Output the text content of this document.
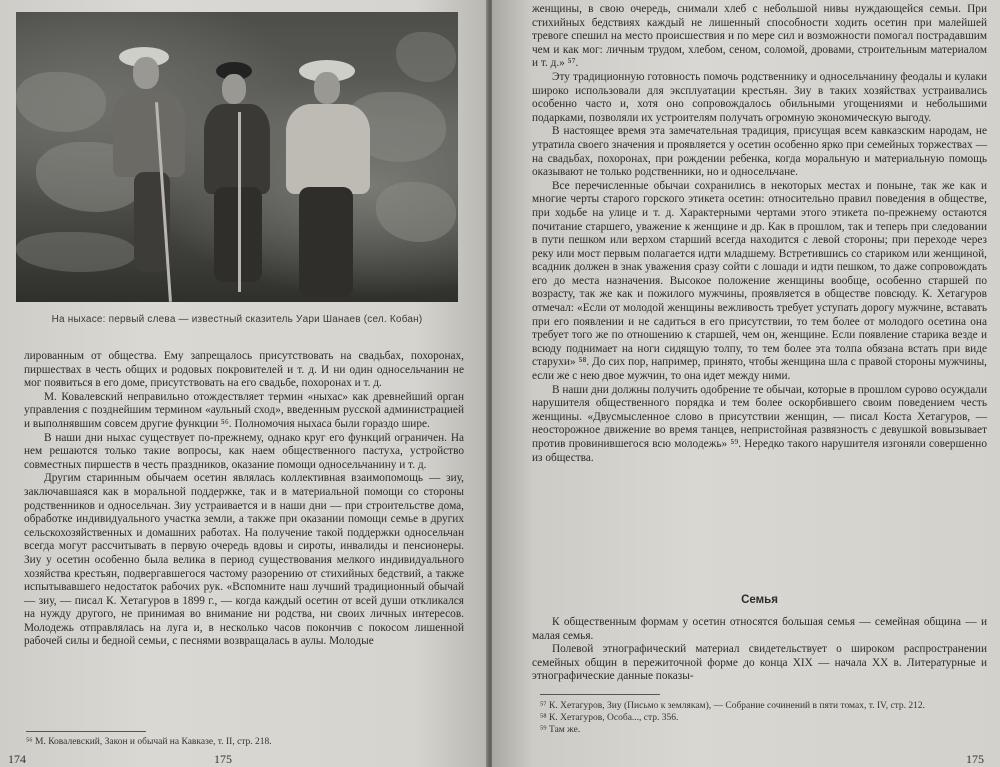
На ныхасе: первый слева — известный сказитель Уари Шанаев (сел. Кобан)

лированным от общества. Ему запрещалось присутствовать на свадьбах, похоронах, пиршествах в честь общих и родовых покровителей и т. д. И ни один односельчанин не мог появиться в его доме, присутствовать на его свадьбе, похоронах и т. д.

М. Ковалевский неправильно отождествляет термин «ныхас» как древнейший орган управления с позднейшим термином «аульный сход», введенным русской администрацией и выполнявшим совсем другие функции ⁵⁶. Полномочия ныхаса были гораздо шире.

В наши дни ныхас существует по-прежнему, однако круг его функций ограничен. На нем решаются только такие вопросы, как наем общественного пастуха, устройство совместных пиршеств в честь праздников, оказание помощи односельчанину и т. д.

Другим старинным обычаем осетин являлась коллективная взаимопомощь — зиу, заключавшаяся как в моральной поддержке, так и в материальной помощи со стороны родственников и односельчан. Зиу устраивается и в наши дни — при строительстве дома, обработке индивидуального участка земли, а также при оказании помощи семье в других сельскохозяйственных и домашних работах. На получение такой поддержки односельчан всегда могут рассчитывать в первую очередь вдовы и сироты, инвалиды и пенсионеры. Зиу у осетин особенно была велика в период существования мелкого индивидуального хозяйства крестьян, подвергавшегося частому разорению от стихийных бедствий, а также испытывавшего недостаток рабочих рук. «Вспомните наш лучший традиционный обычай — зиу, — писал К. Хетагуров в 1899 г., — когда каждый осетин от всей души откликался на нужду другого, не принимая во внимание ни родства, ни своих личных интересов. Молодежь отправлялась на луга и, в несколько часов покончив с покосом лишенной рабочей силы и бедной семьи, с песнями возвращалась в аулы. Молодые

⁵⁶ М. Ковалевский, Закон и обычай на Кавказе, т. II, стр. 218.
174	175

женщины, в свою очередь, снимали хлеб с небольшой нивы нуждающейся семьи. При стихийных бедствиях каждый не лишенный способности ходить осетин при малейшей тревоге спешил на место происшествия и по мере сил и возможности помогал пострадавшим чем и как мог: личным трудом, хлебом, сеном, соломой, дровами, строительным материалом и т. д.» ⁵⁷.

Эту традиционную готовность помочь родственнику и односельчанину феодалы и кулаки широко использовали для эксплуатации крестьян. Зиу в таких хозяйствах устраивались особенно часто и, хотя оно сопровождалось обильными угощениями и небольшими подарками, позволяли их устроителям получать огромную экономическую выгоду.

В настоящее время эта замечательная традиция, присущая всем кавказским народам, не утратила своего значения и проявляется у осетин особенно ярко при семейных торжествах — на свадьбах, похоронах, при рождении ребенка, когда моральную и материальную помощь оказывают не только родственники, но и односельчане.

Все перечисленные обычаи сохранились в некоторых местах и поныне, так же как и многие черты старого горского этикета осетин: относительно правил поведения в обществе, при ходьбе на улице и т. д. Характерными чертами этого этикета по-прежнему остаются почитание старшего, уважение к женщине и др. Как в прошлом, так и теперь при следовании в пути пешком или верхом старший всегда находится с левой стороны; при переходе через реку или мост первым полагается идти младшему. Встретившись со стариком или женщиной, всадник должен в знак уважения сразу сойти с лошади и идти пешком, то даже сопровождать его до места назначения. Высокое положение женщины вообще, особенно старшей по возрасту, так же как и пожилого мужчины, проявляется в обществе повсюду. К. Хетагуров отмечал: «Если от молодой женщины вежливость требует уступать дорогу мужчине, вставать при его появлении и не садиться в его присутствии, то тем более от молодого осетина она требует того же по отношению к старшей, чем он, женщине. Если появление старика везде и всюду поднимает на ноги сидящую толпу, то тем более эта толпа обязана встать при виде старухи» ⁵⁸. До сих пор, например, принято, чтобы женщина шла с правой стороны мужчины, если же с нею двое мужчин, то она идет между ними.

В наши дни должны получить одобрение те обычаи, которые в прошлом сурово осуждали нарушителя общественного порядка и тем более оскорбившего своим поведением честь женщины. «Двусмысленное слово в присутствии женщин, — писал Коста Хетагуров, — неосторожное движение во время танцев, непристойная развязность с девушкой вовызывает против провинившегося всю молодежь» ⁵⁹. Нередко такого нарушителя изгоняли совершенно из общества.

Семья

К общественным формам у осетин относятся большая семья — семейная община — и малая семья.

Полевой этнографический материал свидетельствует о широком распространении семейных общин в пережиточной форме до конца XIX — начала XX в. Литературные и этнографические данные показы-

⁵⁷ К. Хетагуров, Зиу (Письмо к землякам), — Собрание сочинений в пяти томах, т. IV, стр. 212.
⁵⁸ К. Хетагуров, Особа..., стр. 356.
⁵⁹ Там же.
175
